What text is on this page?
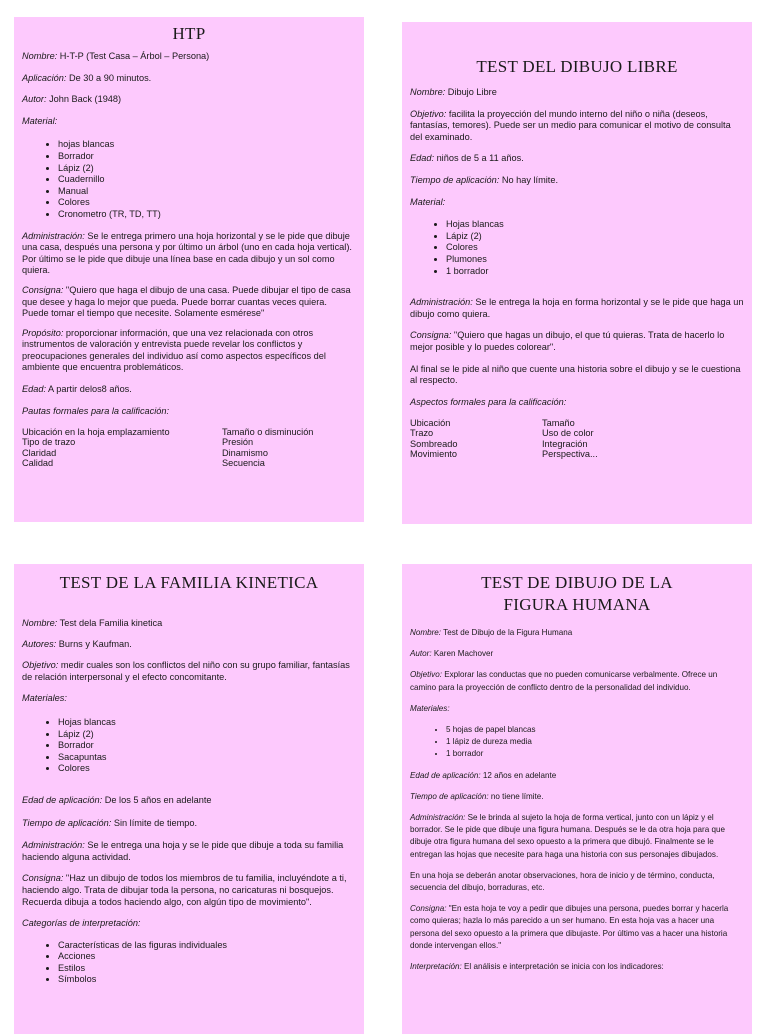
HTP

Nombre: H-T-P (Test Casa – Árbol – Persona)

Aplicación: De 30 a 90 minutos.

Autor: John Back (1948)

Material:

• hojas blancas
• Borrador
• Lápiz (2)
• Cuadernillo
• Manual
• Colores
• Cronometro (TR, TD, TT)

Administración: Se le entrega primero una hoja horizontal y se le pide que dibuje una casa, después una persona y por último un árbol (uno en cada hoja vertical). Por último se le pide que dibuje una línea base en cada dibujo y un sol como quiera.

Consigna: "Quiero que haga el dibujo de una casa. Puede dibujar el tipo de casa que desee y haga lo mejor que pueda. Puede borrar cuantas veces quiera. Puede tomar el tiempo que necesite. Solamente esmérese"

Propósito: proporcionar información, que una vez relacionada con otros instrumentos de valoración y entrevista puede revelar los conflictos y preocupaciones generales del individuo así como aspectos específicos del ambiente que encuentra problemáticos.

Edad: A partir delos8 años.

Pautas formales para la calificación:

Ubicación en la hoja emplazamiento
Tipo de trazo
Claridad
Calidad
Tamaño o disminución
Presión
Dinamismo
Secuencia
TEST DEL DIBUJO LIBRE

Nombre: Dibujo Libre

Objetivo: facilita la proyección del mundo interno del niño o niña (deseos, fantasías, temores). Puede ser un medio para comunicar el motivo de consulta del examinado.

Edad: niños de 5 a 11 años.

Tiempo de aplicación: No hay límite.

Material:

• Hojas blancas
• Lápiz (2)
• Colores
• Plumones
• 1 borrador

Administración: Se le entrega la hoja en forma horizontal y se le pide que haga un dibujo como quiera.

Consigna: "Quiero que hagas un dibujo, el que tú quieras. Trata de hacerlo lo mejor posible y lo puedes colorear".

Al final se le pide al niño que cuente una historia sobre el dibujo y se le cuestiona al respecto.

Aspectos formales para la calificación:

Ubicación
Trazo
Sombreado
Movimiento
Tamaño
Uso de color
Integración
Perspectiva...
TEST DE LA FAMILIA KINETICA

Nombre: Test dela Familia kinetica

Autores: Burns y Kaufman.

Objetivo: medir cuales son los conflictos del niño con su grupo familiar, fantasías de relación interpersonal y el efecto concomitante.

Materiales:

• Hojas blancas
• Lápiz (2)
• Borrador
• Sacapuntas
• Colores

Edad de aplicación: De los 5 años en adelante

Tiempo de aplicación: Sin límite de tiempo.

Administración: Se le entrega una hoja y se le pide que dibuje a toda su familia haciendo alguna actividad.

Consigna: "Haz un dibujo de todos los miembros de tu familia, incluyéndote a ti, haciendo algo. Trata de dibujar toda la persona, no caricaturas ni bosquejos. Recuerda dibuja a todos haciendo algo, con algún tipo de movimiento".

Categorías de interpretación:

• Características de las figuras individuales
• Acciones
• Estilos
• Símbolos
TEST DE DIBUJO DE LA FIGURA HUMANA

Nombre: Test de Dibujo de la Figura Humana

Autor: Karen Machover

Objetivo: Explorar las conductas que no pueden comunicarse verbalmente. Ofrece un camino para la proyección de conflicto dentro de la personalidad del individuo.

Materiales:

• 5 hojas de papel blancas
• 1 lápiz de dureza media
• 1 borrador

Edad de aplicación: 12 años en adelante

Tiempo de aplicación: no tiene límite.

Administración: Se le brinda al sujeto la hoja de forma vertical, junto con un lápiz y el borrador. Se le pide que dibuje una figura humana. Después se le da otra hoja para que dibuje otra figura humana del sexo opuesto a la primera que dibujó. Finalmente se le entregan las hojas que necesite para haga una historia con sus personajes dibujados.

En una hoja se deberán anotar observaciones, hora de inicio y de término, conducta, secuencia del dibujo, borraduras, etc.

Consigna: "En esta hoja te voy a pedir que dibujes una persona, puedes borrar y hacerla como quieras; hazla lo más parecido a un ser humano. En esta hoja vas a hacer una persona del sexo opuesto a la primera que dibujaste. Por último vas a hacer una historia donde intervengan ellos."

Interpretación: El análisis e interpretación se inicia con los indicadores:
